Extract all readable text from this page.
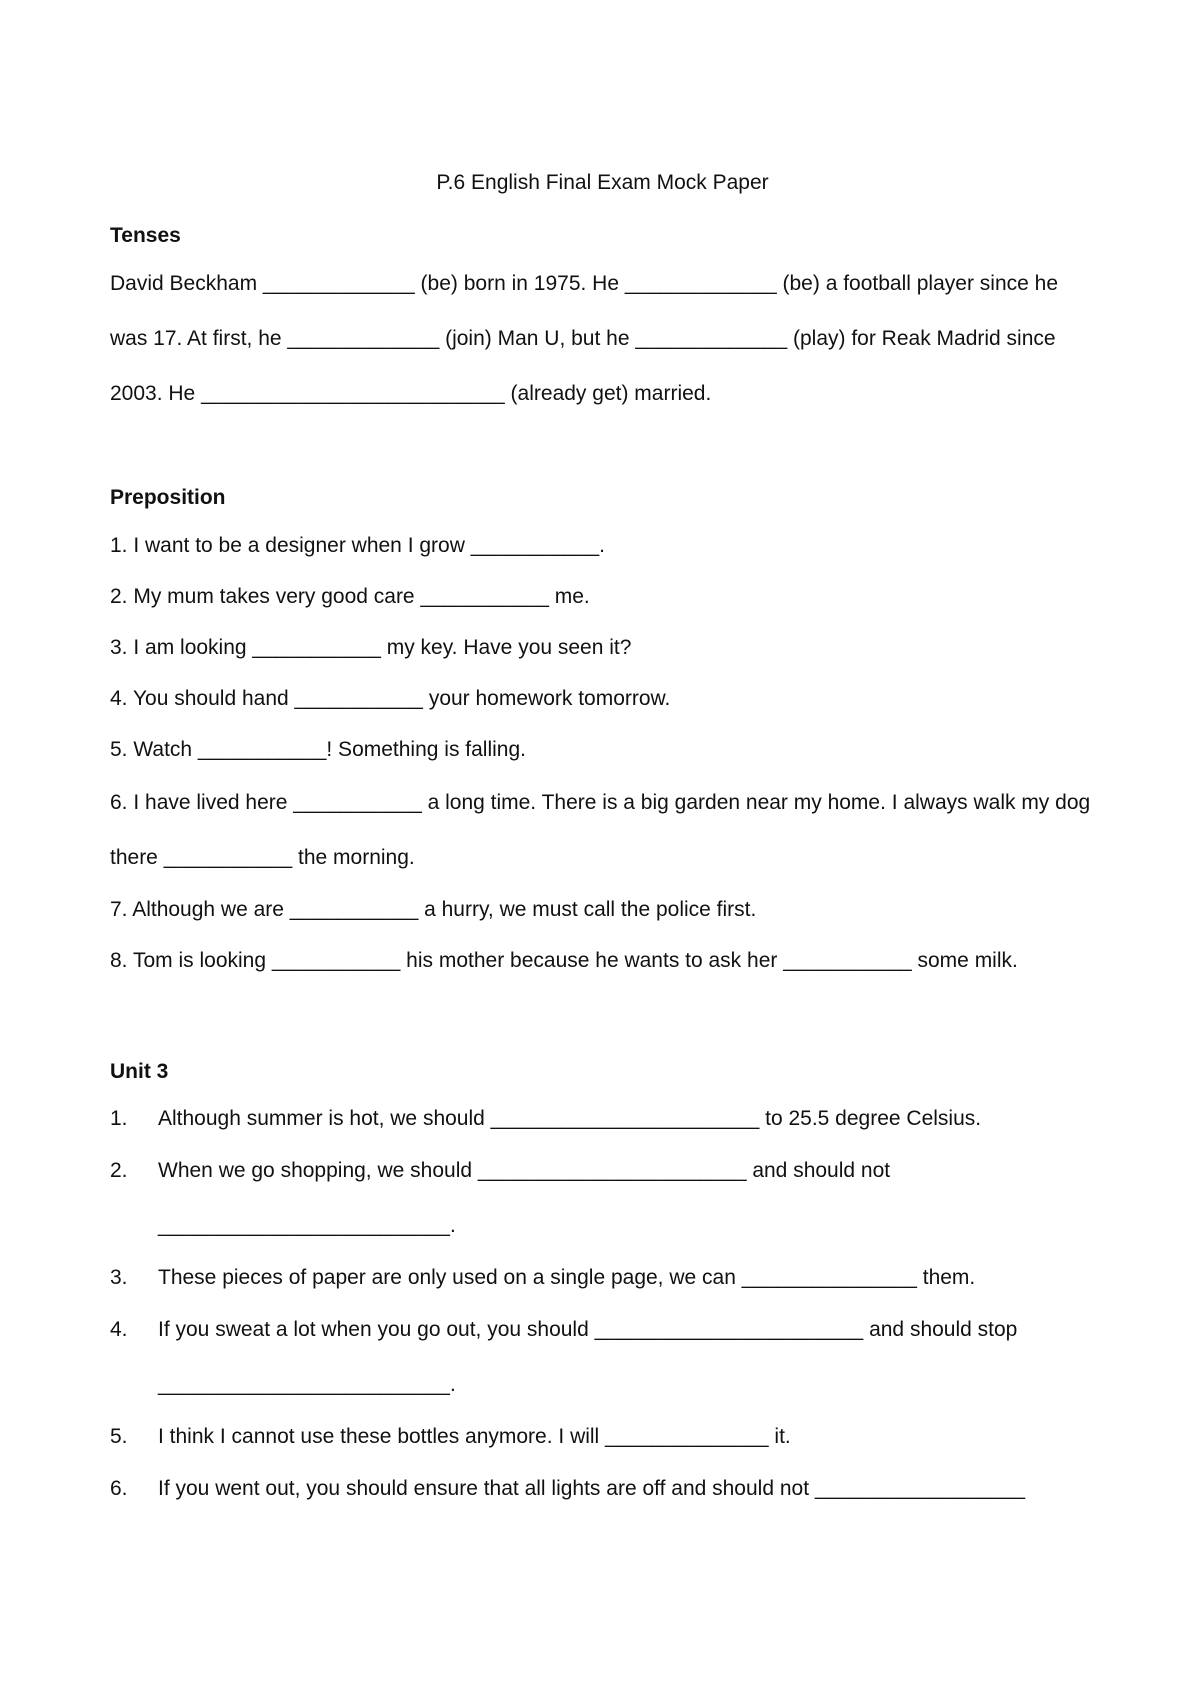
P.6 English Final Exam Mock Paper
Tenses
David Beckham _____________ (be) born in 1975. He _____________ (be) a football player since he was 17. At first, he _____________ (join) Man U, but he _____________ (play) for Reak Madrid since 2003. He __________________________ (already get) married.
Preposition
1. I want to be a designer when I grow ___________.
2. My mum takes very good care ___________ me.
3. I am looking ___________ my key. Have you seen it?
4. You should hand ___________ your homework tomorrow.
5. Watch ___________! Something is falling.
6. I have lived here ___________ a long time. There is a big garden near my home. I always walk my dog there ___________ the morning.
7. Although we are ___________ a hurry, we must call the police first.
8. Tom is looking ___________ his mother because he wants to ask her ___________ some milk.
Unit 3
1.	Although summer is hot, we should _______________________ to 25.5 degree Celsius.
2.	When we go shopping, we should _______________________ and should not _________________________.
3.	These pieces of paper are only used on a single page, we can _______________ them.
4.	If you sweat a lot when you go out, you should _______________________ and should stop _________________________.
5.	I think I cannot use these bottles anymore. I will ______________ it.
6.	If you went out, you should ensure that all lights are off and should not __________________
